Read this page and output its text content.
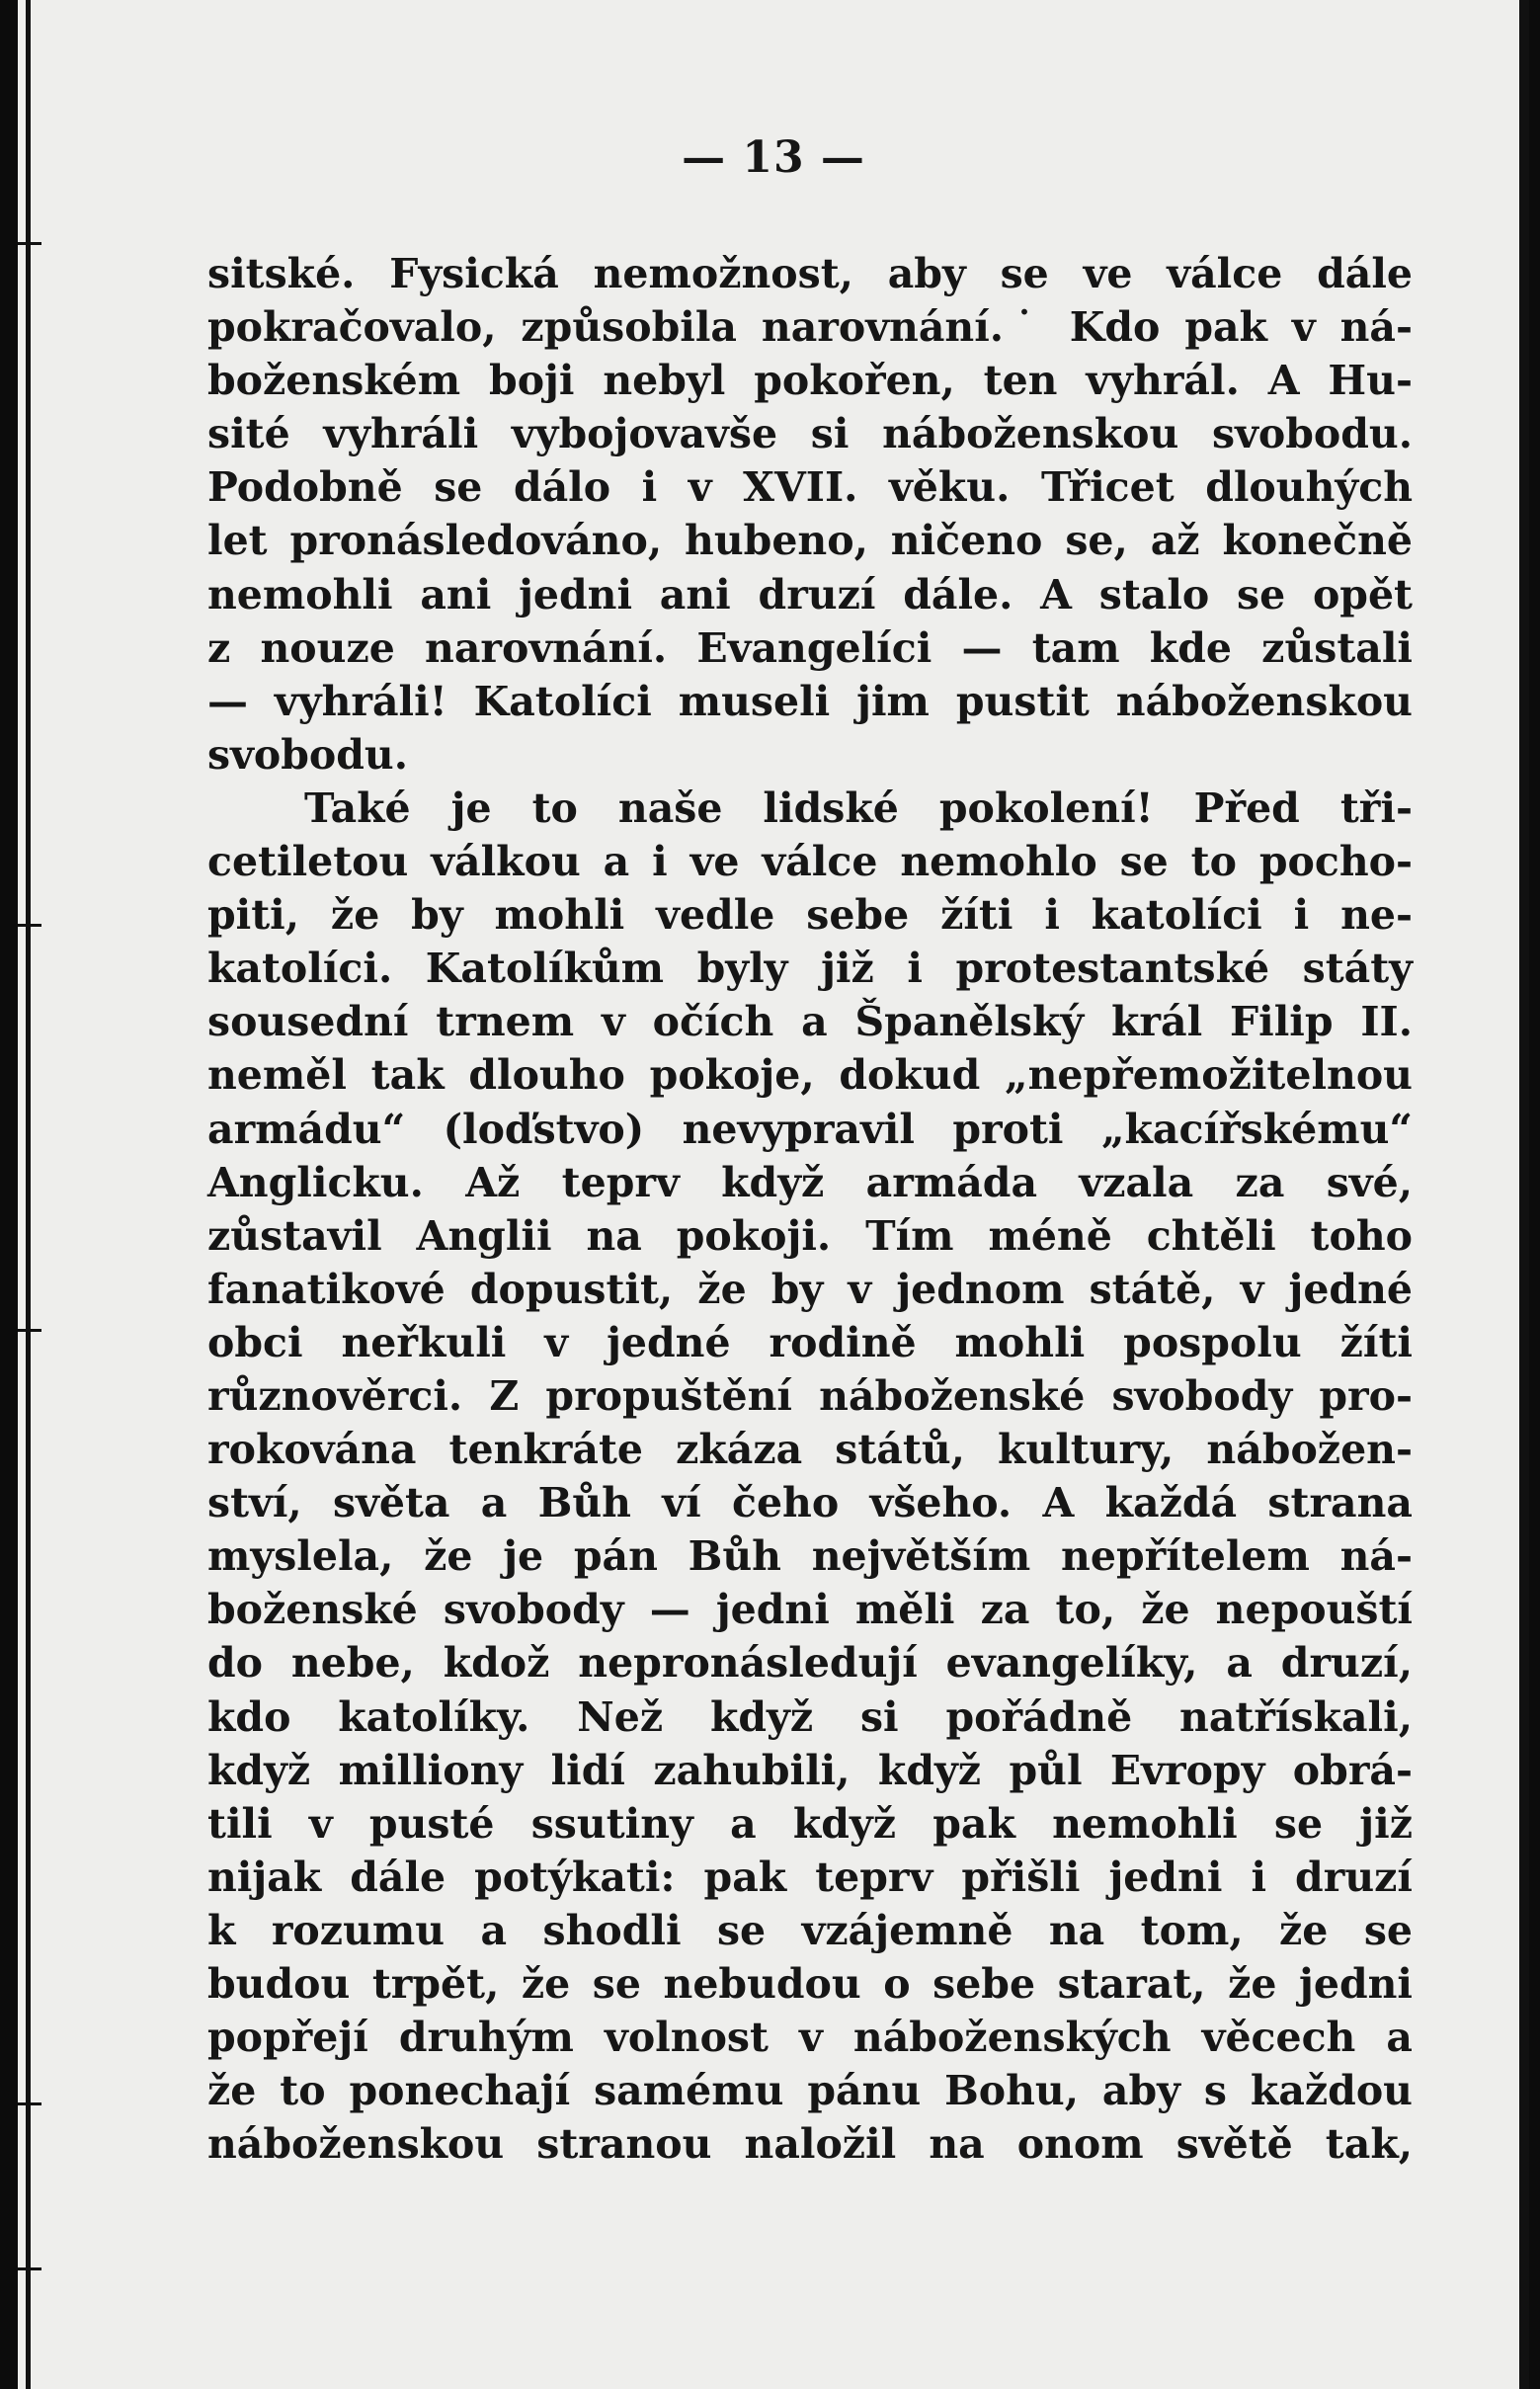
— 13 —
sitské. Fysická nemožnost, aby se ve válce dále
pokračovalo, způsobila narovnání.˙ Kdo pak v ná-
boženském boji nebyl pokořen, ten vyhrál. A Hu-
sité vyhráli vybojovavše si náboženskou svobodu.
Podobně se dálo i v XVII. věku. Třicet dlouhých
let pronásledováno, hubeno, ničeno se, až konečně
nemohli ani jedni ani druzí dále. A stalo se opět
z nouze narovnání. Evangelíci — tam kde zůstali
— vyhráli! Katolíci museli jim pustit náboženskou
svobodu.
Také je to naše lidské pokolení! Před tři-
cetiletou válkou a i ve válce nemohlo se to pocho-
piti, že by mohli vedle sebe žíti i katolíci i ne-
katolíci. Katolíkům byly již i protestantské státy
sousední trnem v očích a Španělský král Filip II.
neměl tak dlouho pokoje, dokud „nepřemožitelnou
armádu“ (loďstvo) nevypravil proti „kacířskému“
Anglicku. Až teprv když armáda vzala za své,
zůstavil Anglii na pokoji. Tím méně chtěli toho
fanatikové dopustit, že by v jednom státě, v jedné
obci neřkuli v jedné rodině mohli pospolu žíti
různověrci. Z propuštění náboženské svobody pro-
rokována tenkráte zkáza států, kultury, nábožen-
ství, světa a Bůh ví čeho všeho. A každá strana
myslela, že je pán Bůh největším nepřítelem ná-
boženské svobody — jedni měli za to, že nepouští
do nebe, kdož nepronásledují evangelíky, a druzí,
kdo katolíky. Než když si pořádně natřískali,
když milliony lidí zahubili, když půl Evropy obrá-
tili v pusté ssutiny a když pak nemohli se již
nijak dále potýkati: pak teprv přišli jedni i druzí
k rozumu a shodli se vzájemně na tom, že se
budou trpět, že se nebudou o sebe starat, že jedni
popřejí druhým volnost v náboženských věcech a
že to ponechají samému pánu Bohu, aby s každou
náboženskou stranou naložil na onom světě tak,
